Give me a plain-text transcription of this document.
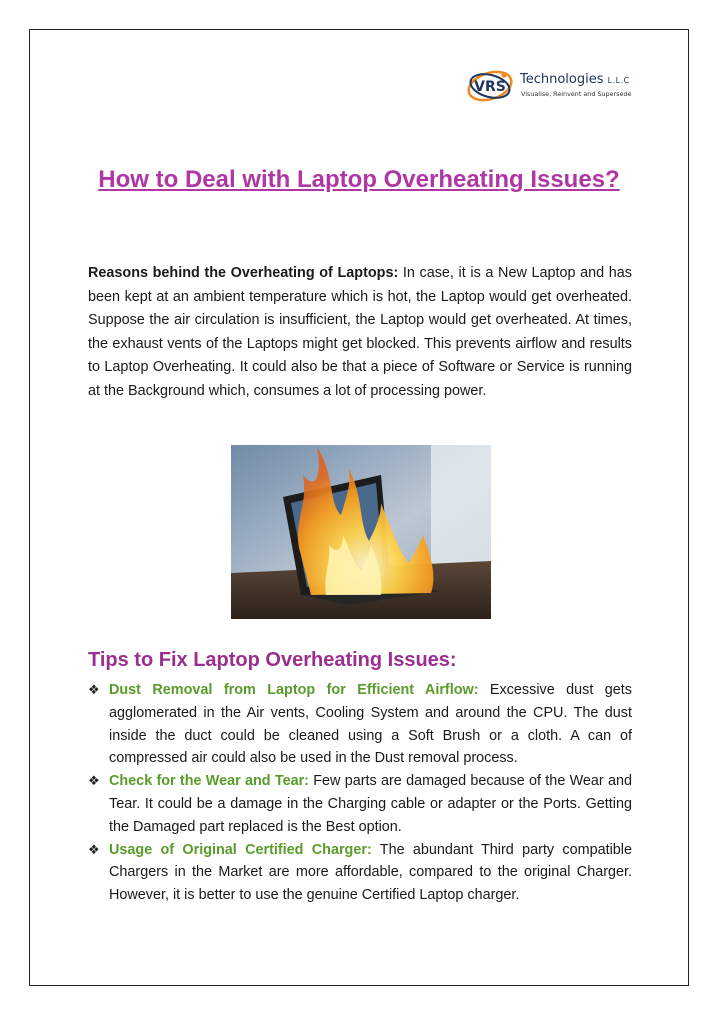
VRS Technologies L.L.C
Visualise, Reinvent and Supersede
How to Deal with Laptop Overheating Issues?

Reasons behind the Overheating of Laptops: In case, it is a New Laptop and has been kept at an ambient temperature which is hot, the Laptop would get overheated. Suppose the air circulation is insufficient, the Laptop would get overheated. At times, the exhaust vents of the Laptops might get blocked. This prevents airflow and results to Laptop Overheating. It could also be that a piece of Software or Service is running at the Background which, consumes a lot of processing power.

Tips to Fix Laptop Overheating Issues:
❖ Dust Removal from Laptop for Efficient Airflow: Excessive dust gets agglomerated in the Air vents, Cooling System and around the CPU. The dust inside the duct could be cleaned using a Soft Brush or a cloth. A can of compressed air could also be used in the Dust removal process.
❖ Check for the Wear and Tear: Few parts are damaged because of the Wear and Tear. It could be a damage in the Charging cable or adapter or the Ports. Getting the Damaged part replaced is the Best option.
❖ Usage of Original Certified Charger: The abundant Third party compatible Chargers in the Market are more affordable, compared to the original Charger. However, it is better to use the genuine Certified Laptop charger.
